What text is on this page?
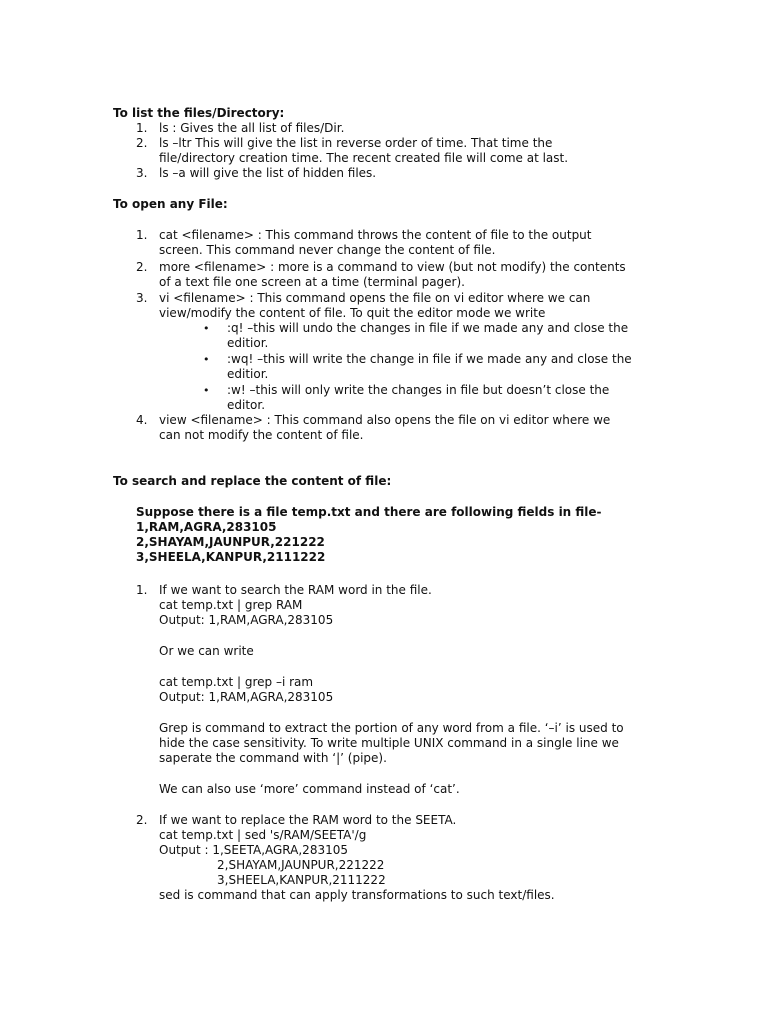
To list the files/Directory:
1. ls : Gives the all list of files/Dir.
2. ls –ltr This will give the list in reverse order of time. That time the
file/directory creation time. The recent created file will come at last.
3. ls –a will give the list of hidden files.
To open any File:
1. cat <filename> : This command throws the content of file to the output
screen. This command never change the content of file.
2. more <filename> : more is a command to view (but not modify) the contents
of a text file one screen at a time (terminal pager).
3. vi <filename> : This command opens the file on vi editor where we can
view/modify the content of file. To quit the editor mode we write
• :q! –this will undo the changes in file if we made any and close the
editior.
• :wq! –this will write the change in file if we made any and close the
editior.
• :w! –this will only write the changes in file but doesn’t close the
editor.
4. view <filename> : This command also opens the file on vi editor where we
can not modify the content of file.
To search and replace the content of file:
Suppose there is a file temp.txt and there are following fields in file-
1,RAM,AGRA,283105
2,SHAYAM,JAUNPUR,221222
3,SHEELA,KANPUR,2111222
1. If we want to search the RAM word in the file.
cat temp.txt | grep RAM
Output: 1,RAM,AGRA,283105
Or we can write
cat temp.txt | grep –i ram
Output: 1,RAM,AGRA,283105
Grep is command to extract the portion of any word from a file. ‘–i’ is used to
hide the case sensitivity. To write multiple UNIX command in a single line we
saperate the command with ‘|’ (pipe).
We can also use ‘more’ command instead of ‘cat’.
2. If we want to replace the RAM word to the SEETA.
cat temp.txt | sed 's/RAM/SEETA'/g
Output : 1,SEETA,AGRA,283105
2,SHAYAM,JAUNPUR,221222
3,SHEELA,KANPUR,2111222
sed is command that can apply transformations to such text/files.
